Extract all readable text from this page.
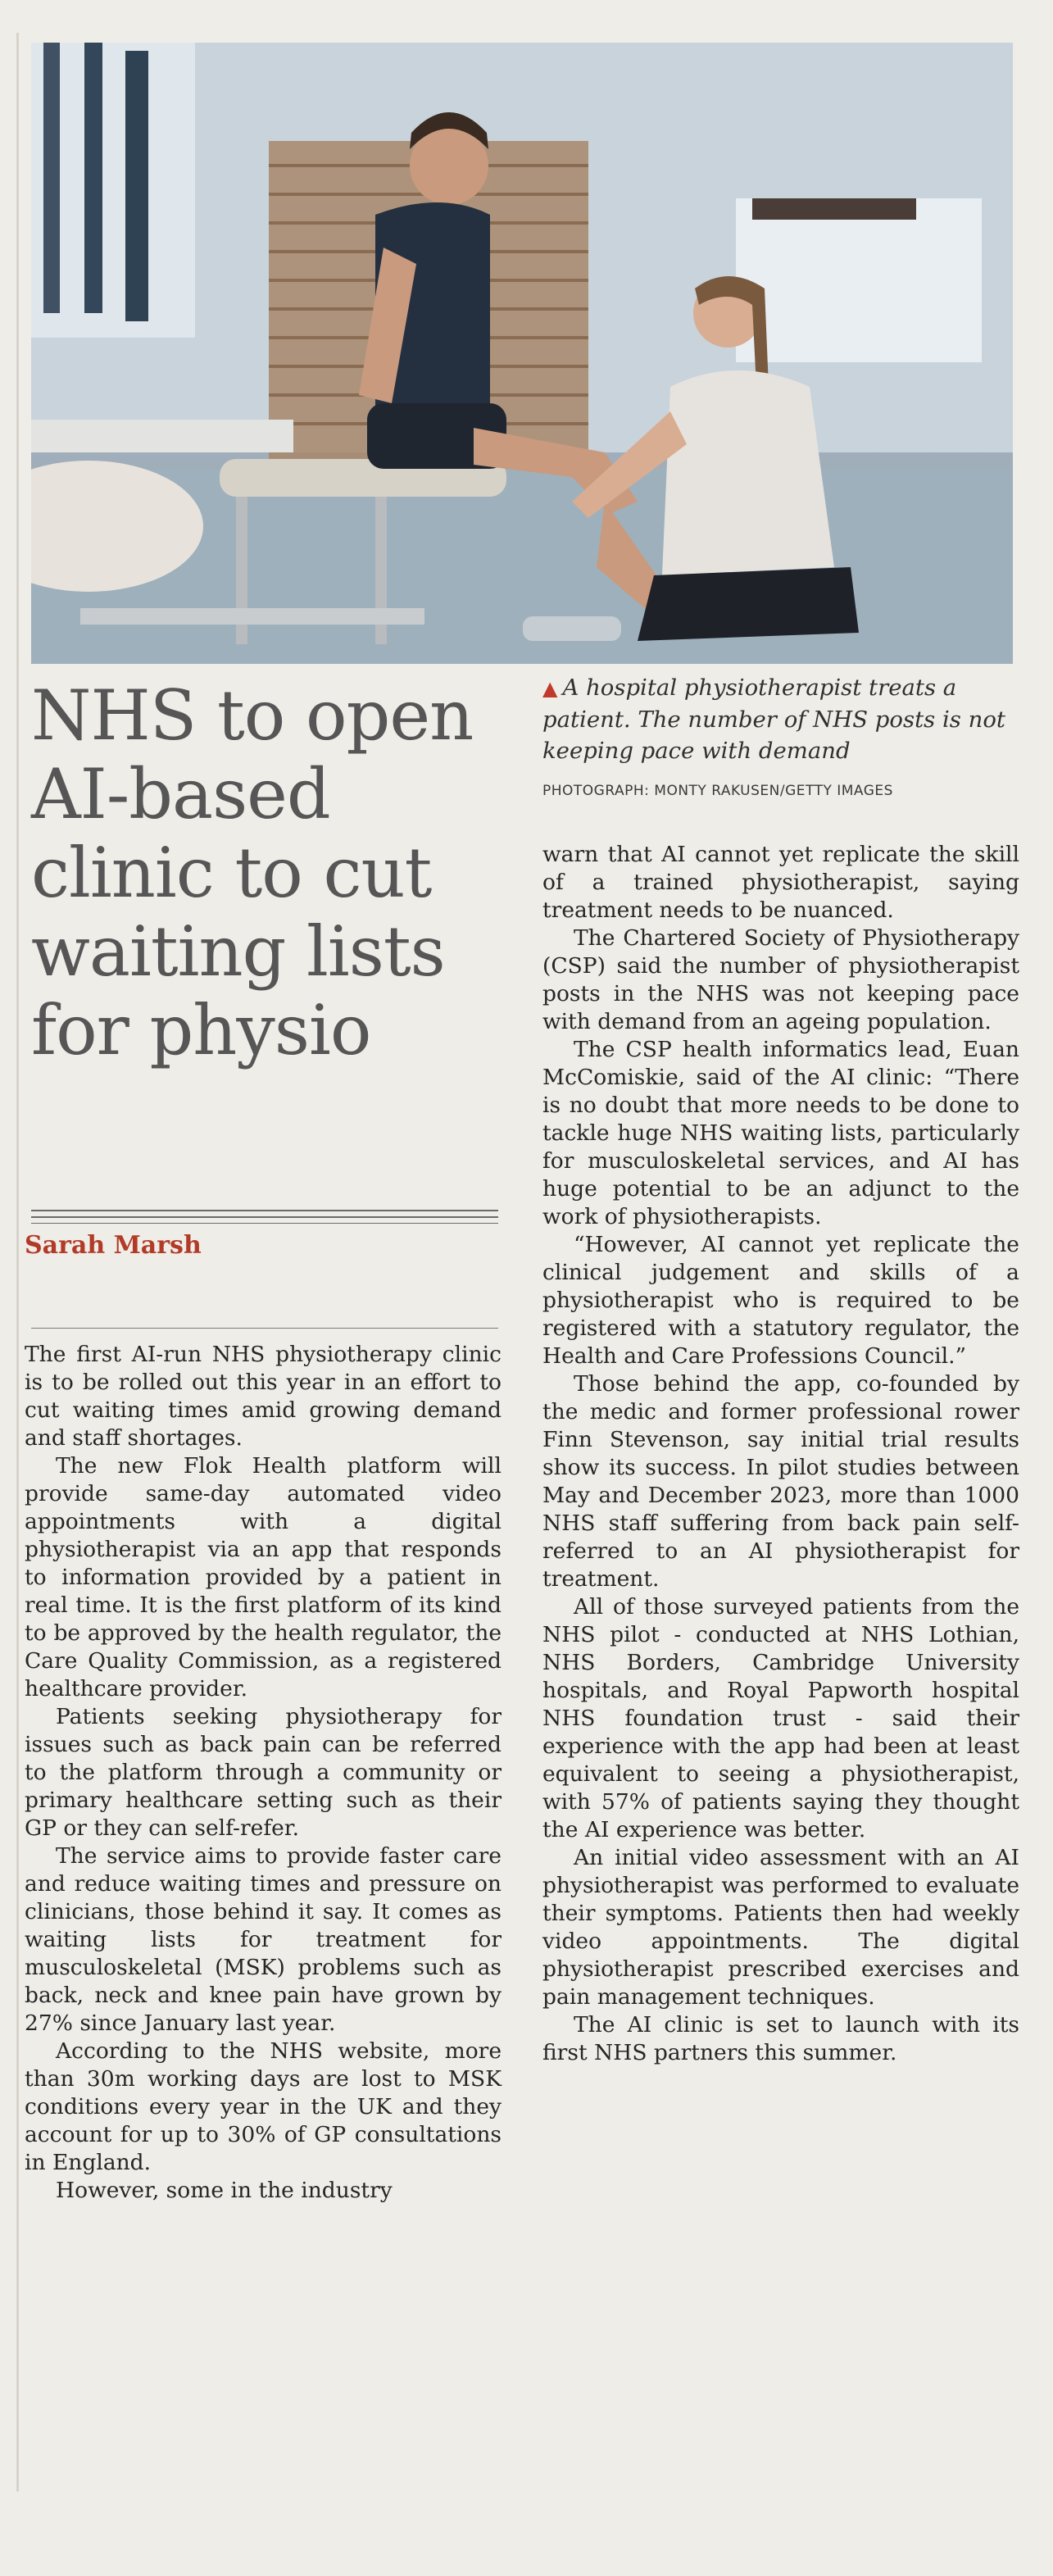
NHS to open AI-based clinic to cut waiting lists for physio
Sarah Marsh
▲ A hospital physiotherapist treats a patient. The number of NHS posts is not keeping pace with demand
PHOTOGRAPH: MONTY RAKUSEN/GETTY IMAGES

The first AI-run NHS physiotherapy clinic is to be rolled out this year in an effort to cut waiting times amid growing demand and staff shortages.

The new Flok Health platform will provide same-day automated video appointments with a digital physiotherapist via an app that responds to information provided by a patient in real time. It is the first platform of its kind to be approved by the health regulator, the Care Quality Commission, as a registered healthcare provider.

Patients seeking physiotherapy for issues such as back pain can be referred to the platform through a community or primary healthcare setting such as their GP or they can self-refer.

The service aims to provide faster care and reduce waiting times and pressure on clinicians, those behind it say. It comes as waiting lists for treatment for musculoskeletal (MSK) problems such as back, neck and knee pain have grown by 27% since January last year.

According to the NHS website, more than 30m working days are lost to MSK conditions every year in the UK and they account for up to 30% of GP consultations in England.

However, some in the industry

warn that AI cannot yet replicate the skill of a trained physiotherapist, saying treatment needs to be nuanced.

The Chartered Society of Physiotherapy (CSP) said the number of physiotherapist posts in the NHS was not keeping pace with demand from an ageing population.

The CSP health informatics lead, Euan McComiskie, said of the AI clinic: “There is no doubt that more needs to be done to tackle huge NHS waiting lists, particularly for musculoskeletal services, and AI has huge potential to be an adjunct to the work of physiotherapists.

“However, AI cannot yet replicate the clinical judgement and skills of a physiotherapist who is required to be registered with a statutory regulator, the Health and Care Professions Council.”

Those behind the app, co-founded by the medic and former professional rower Finn Stevenson, say initial trial results show its success. In pilot studies between May and December 2023, more than 1000 NHS staff suffering from back pain self-referred to an AI physiotherapist for treatment.

All of those surveyed patients from the NHS pilot - conducted at NHS Lothian, NHS Borders, Cambridge University hospitals, and Royal Papworth hospital NHS foundation trust - said their experience with the app had been at least equivalent to seeing a physiotherapist, with 57% of patients saying they thought the AI experience was better.

An initial video assessment with an AI physiotherapist was performed to evaluate their symptoms. Patients then had weekly video appointments. The digital physiotherapist prescribed exercises and pain management techniques.

The AI clinic is set to launch with its first NHS partners this summer.
